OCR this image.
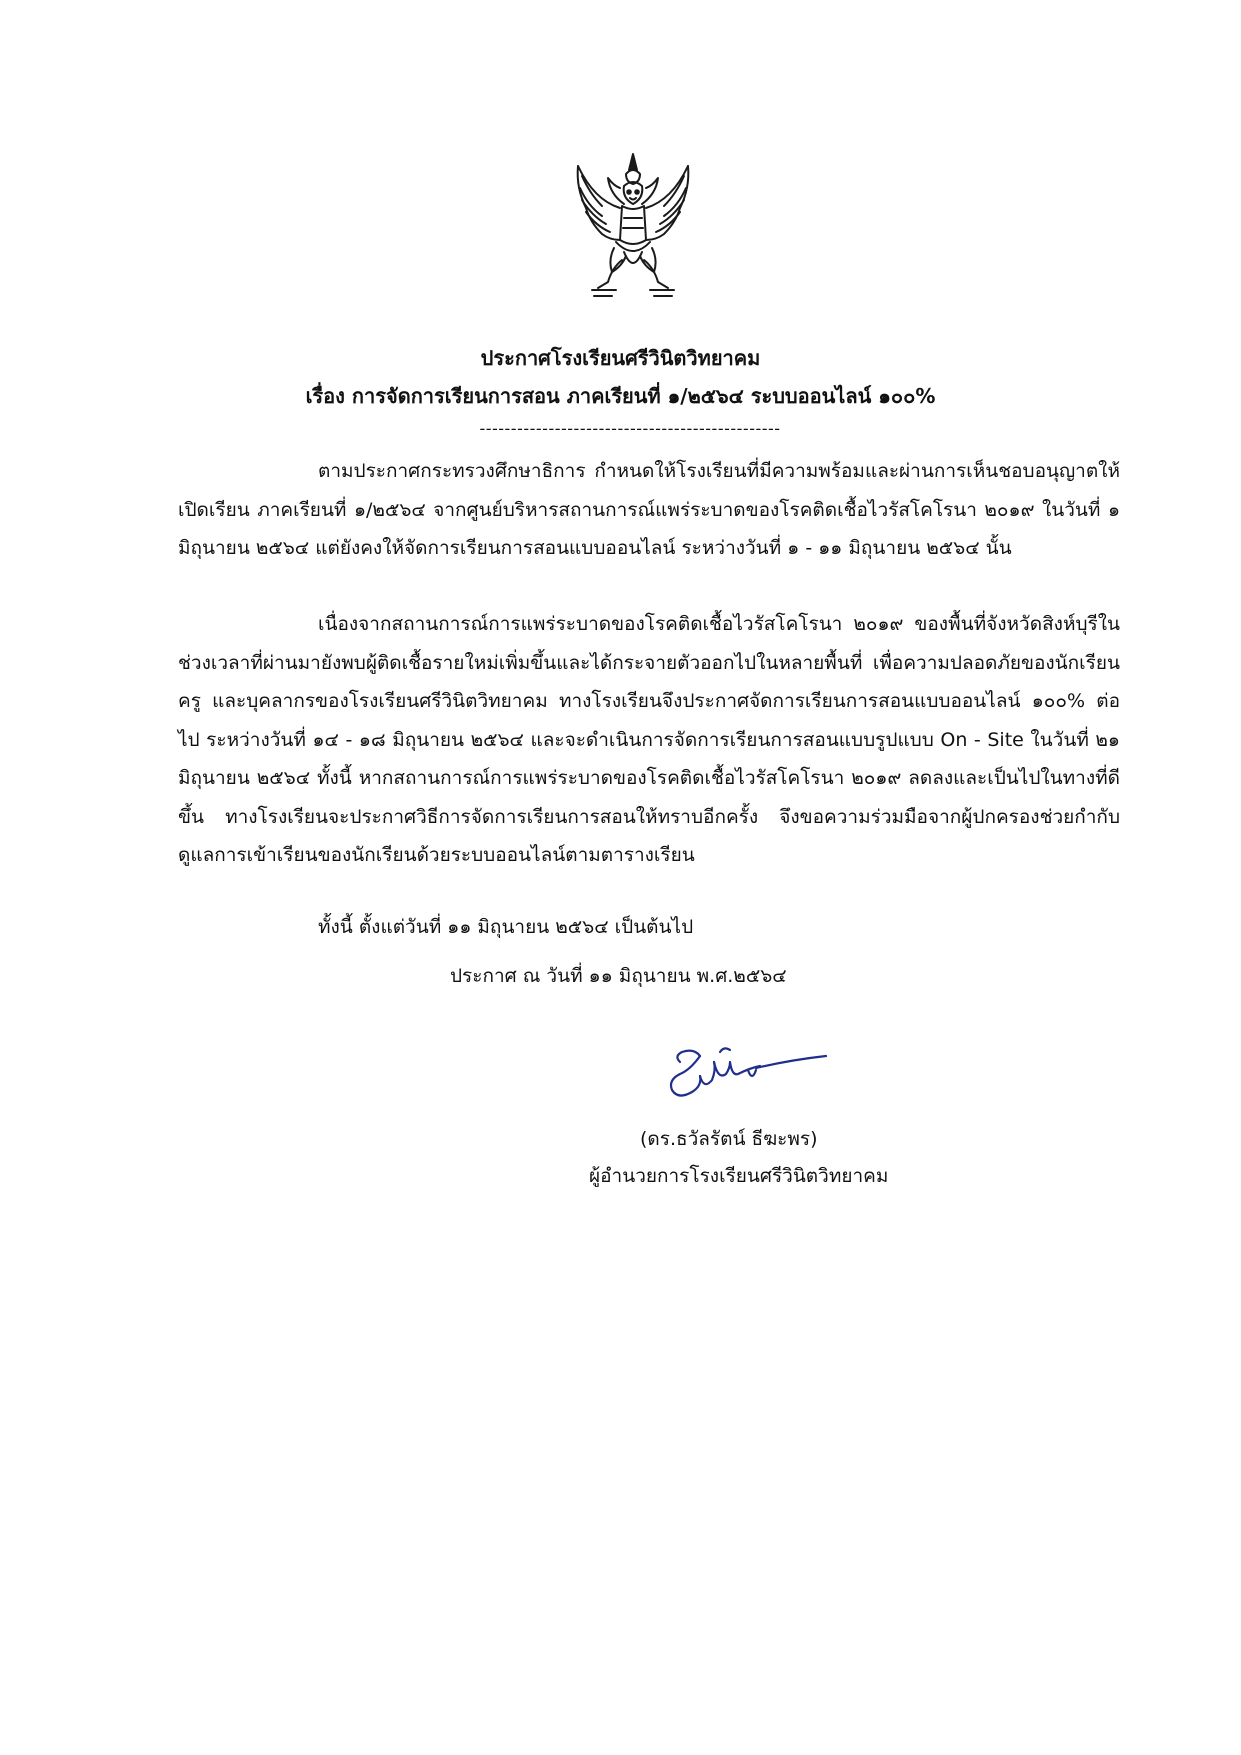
ประกาศโรงเรียนศรีวินิตวิทยาคม
เรื่อง การจัดการเรียนการสอน ภาคเรียนที่ ๑/๒๕๖๔ ระบบออนไลน์ ๑๐๐%
------------------------------------------------
ตามประกาศกระทรวงศึกษาธิการ กำหนดให้โรงเรียนที่มีความพร้อมและผ่านการเห็นชอบอนุญาตให้เปิดเรียน ภาคเรียนที่ ๑/๒๕๖๔ จากศูนย์บริหารสถานการณ์แพร่ระบาดของโรคติดเชื้อไวรัสโคโรนา ๒๐๑๙ ในวันที่ ๑ มิถุนายน ๒๕๖๔ แต่ยังคงให้จัดการเรียนการสอนแบบออนไลน์ ระหว่างวันที่ ๑ - ๑๑ มิถุนายน ๒๕๖๔ นั้น
เนื่องจากสถานการณ์การแพร่ระบาดของโรคติดเชื้อไวรัสโคโรนา ๒๐๑๙ ของพื้นที่จังหวัดสิงห์บุรีในช่วงเวลาที่ผ่านมายังพบผู้ติดเชื้อรายใหม่เพิ่มขึ้นและได้กระจายตัวออกไปในหลายพื้นที่ เพื่อความปลอดภัยของนักเรียน ครู และบุคลากรของโรงเรียนศรีวินิตวิทยาคม ทางโรงเรียนจึงประกาศจัดการเรียนการสอนแบบออนไลน์ ๑๐๐% ต่อไป ระหว่างวันที่ ๑๔ - ๑๘ มิถุนายน ๒๕๖๔ และจะดำเนินการจัดการเรียนการสอนแบบรูปแบบ On - Site ในวันที่ ๒๑ มิถุนายน ๒๕๖๔ ทั้งนี้ หากสถานการณ์การแพร่ระบาดของโรคติดเชื้อไวรัสโคโรนา ๒๐๑๙ ลดลงและเป็นไปในทางที่ดีขึ้น ทางโรงเรียนจะประกาศวิธีการจัดการเรียนการสอนให้ทราบอีกครั้ง จึงขอความร่วมมือจากผู้ปกครองช่วยกำกับดูแลการเข้าเรียนของนักเรียนด้วยระบบออนไลน์ตามตารางเรียน
ทั้งนี้ ตั้งแต่วันที่ ๑๑ มิถุนายน ๒๕๖๔ เป็นต้นไป
ประกาศ ณ วันที่ ๑๑ มิถุนายน พ.ศ.๒๕๖๔
(ดร.ธวัลรัตน์ ธีฆะพร)
ผู้อำนวยการโรงเรียนศรีวินิตวิทยาคม
